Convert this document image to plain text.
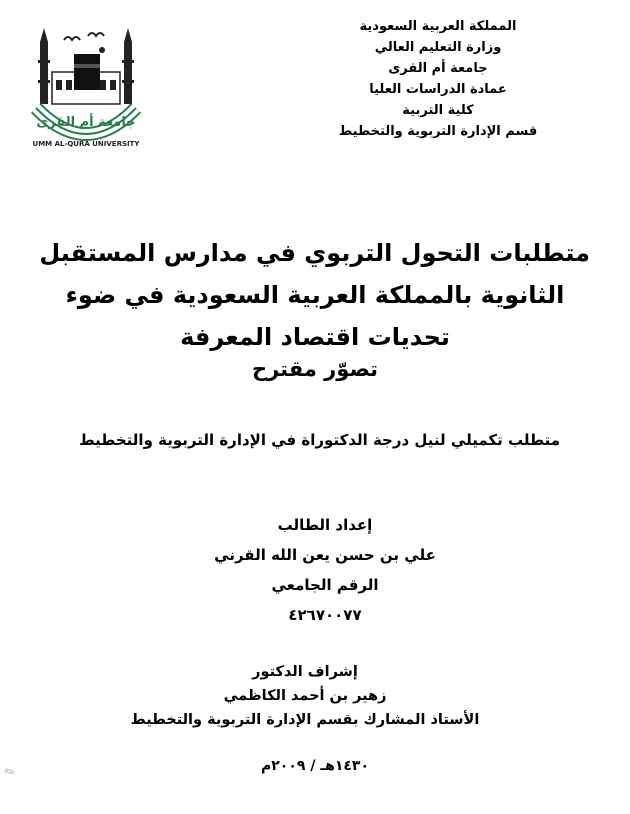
المملكة العربية السعودية
وزارة التعليم العالي
جامعة أم القرى
عمادة الدراسات العليا
كلية التربية
قسم الإدارة التربوية والتخطيط
جامعة أم القرى
UMM AL-QURA UNIVERSITY
متطلبات التحول التربوي في مدارس المستقبل
الثانوية بالمملكة العربية السعودية في ضوء
تحديات اقتصاد المعرفة
تصوّر مقترح
متطلب تكميلي لنيل درجة الدكتوراة في الإدارة التربوية والتخطيط
إعداد الطالب
علي بن حسن يعن الله القرني
الرقم الجامعي
٤٢٦٧٠٠٧٧
إشراف الدكتور
زهير بن أحمد الكاظمي
الأستاذ المشارك بقسم الإدارة التربوية والتخطيط
١٤٣٠هـ / ٢٠٠٩م
✎
